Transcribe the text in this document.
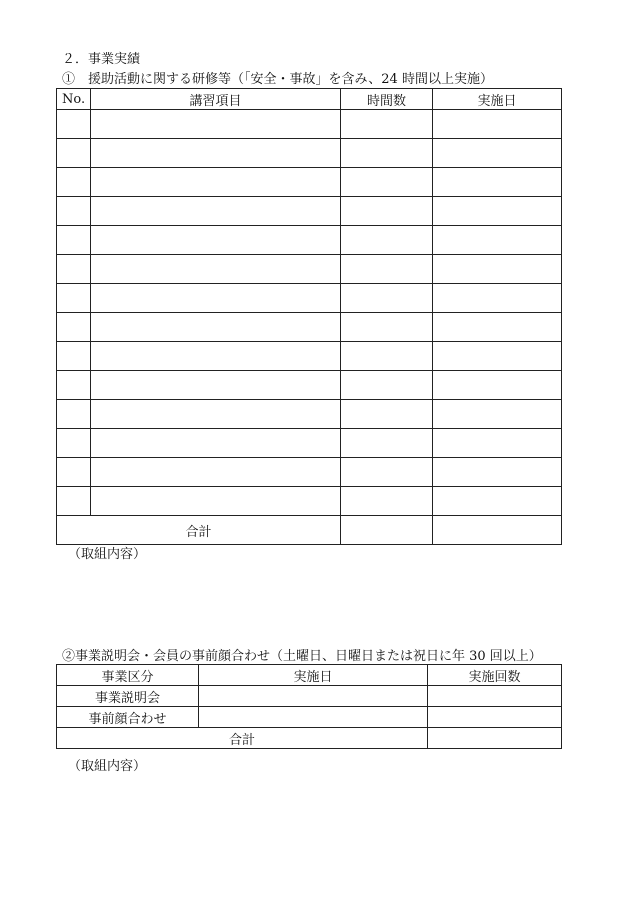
２．事業実績
①　援助活動に関する研修等（「安全・事故」を含み、24 時間以上実施）
No.	講習項目	時間数	実施日

合計			
（取組内容）
②事業説明会・会員の事前顔合わせ（土曜日、日曜日または祝日に年 30 回以上）
事業区分	実施日	実施回数
事業説明会		
事前顔合わせ		
合計		
（取組内容）
